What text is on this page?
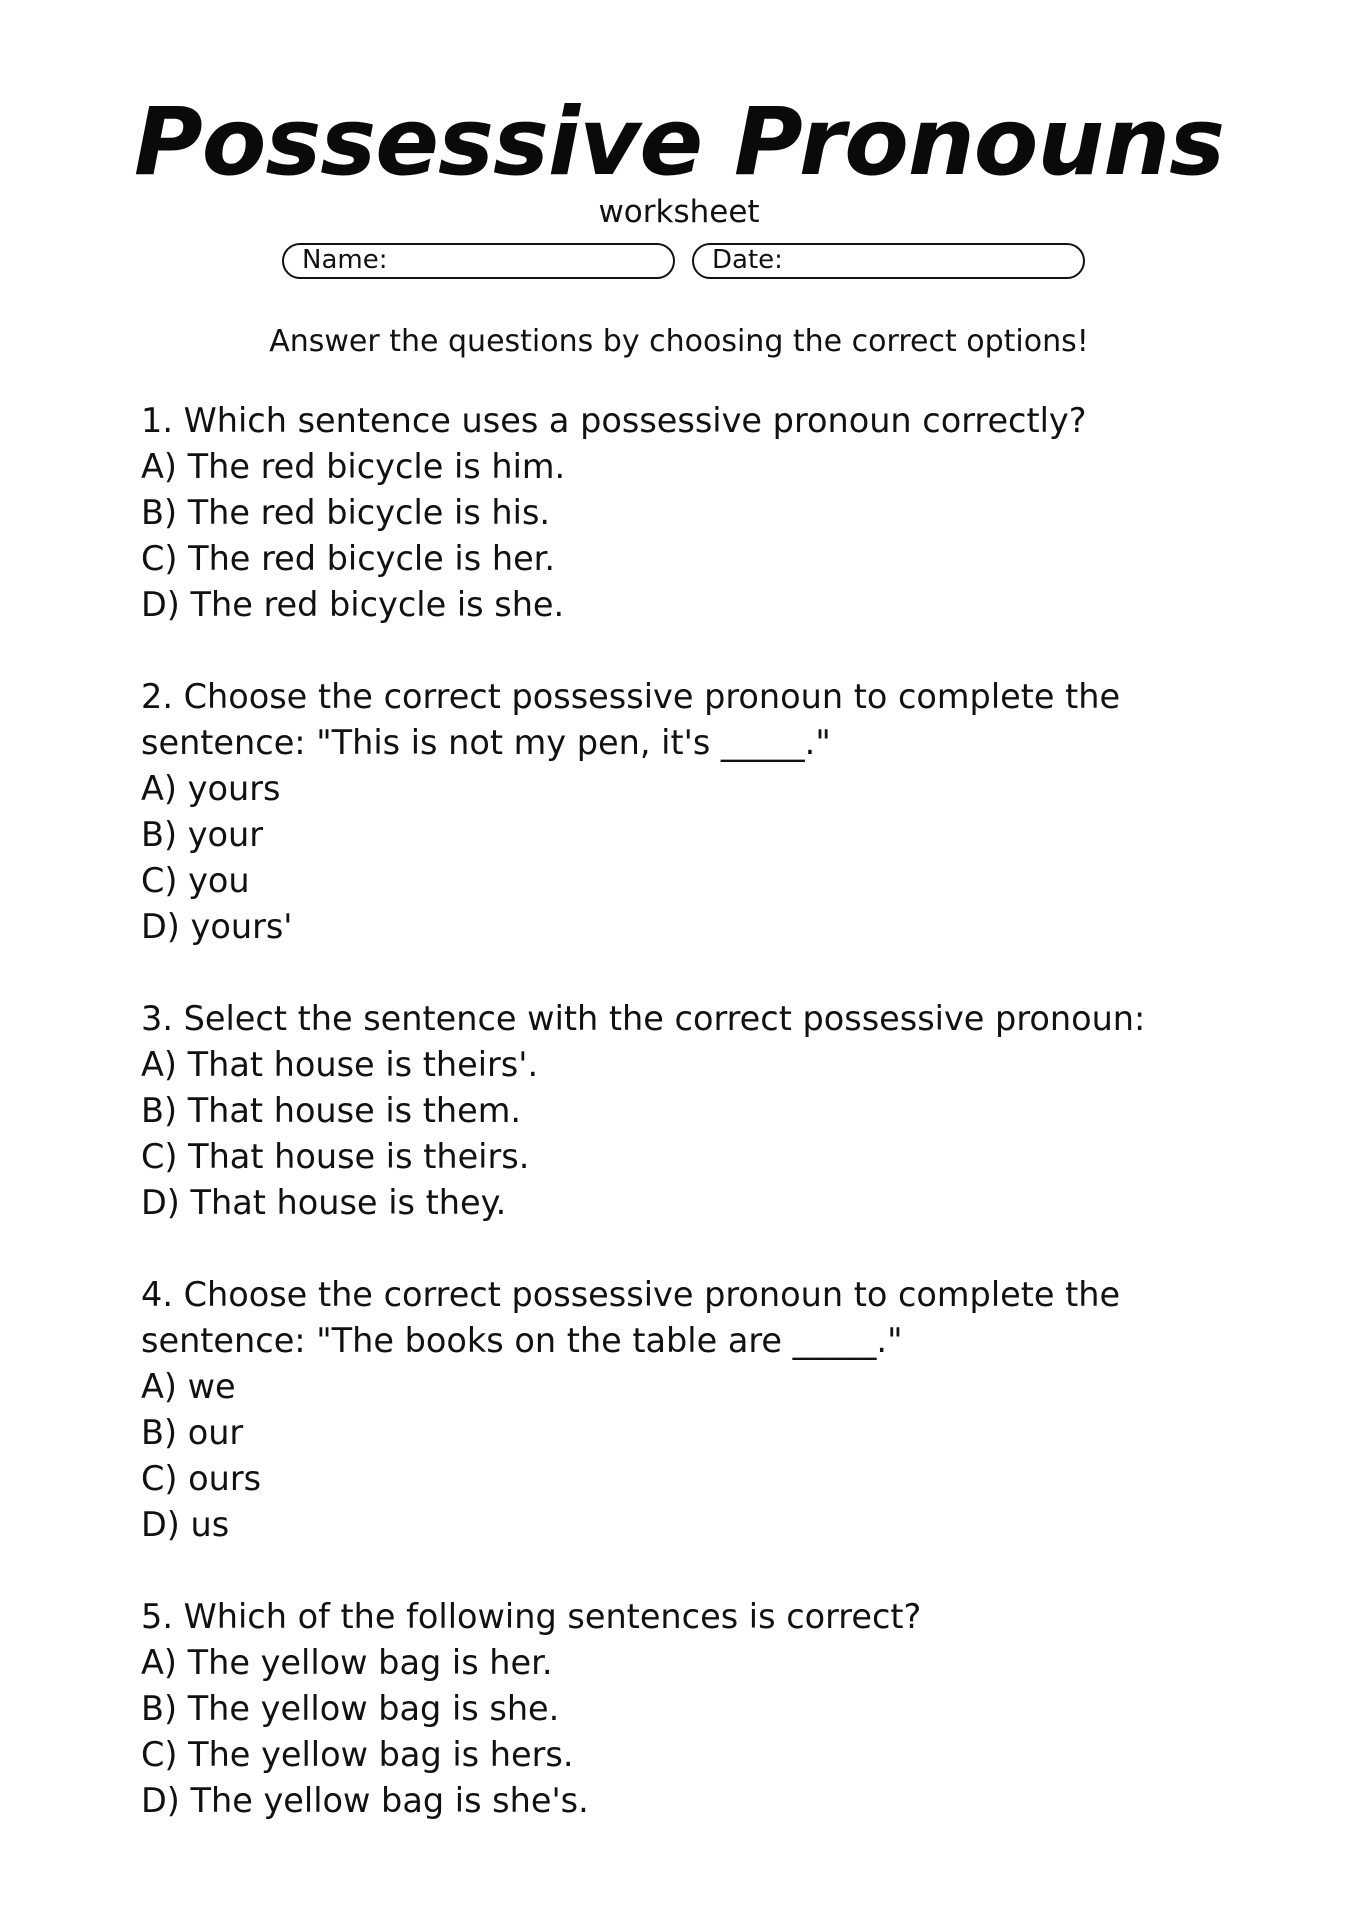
Possessive Pronouns
worksheet
Name:	Date:
Answer the questions by choosing the correct options!
1. Which sentence uses a possessive pronoun correctly?
A) The red bicycle is him.
B) The red bicycle is his.
C) The red bicycle is her.
D) The red bicycle is she.
2. Choose the correct possessive pronoun to complete the sentence: "This is not my pen, it's _____."
A) yours
B) your
C) you
D) yours'
3. Select the sentence with the correct possessive pronoun:
A) That house is theirs'.
B) That house is them.
C) That house is theirs.
D) That house is they.
4. Choose the correct possessive pronoun to complete the sentence: "The books on the table are _____."
A) we
B) our
C) ours
D) us
5. Which of the following sentences is correct?
A) The yellow bag is her.
B) The yellow bag is she.
C) The yellow bag is hers.
D) The yellow bag is she's.
